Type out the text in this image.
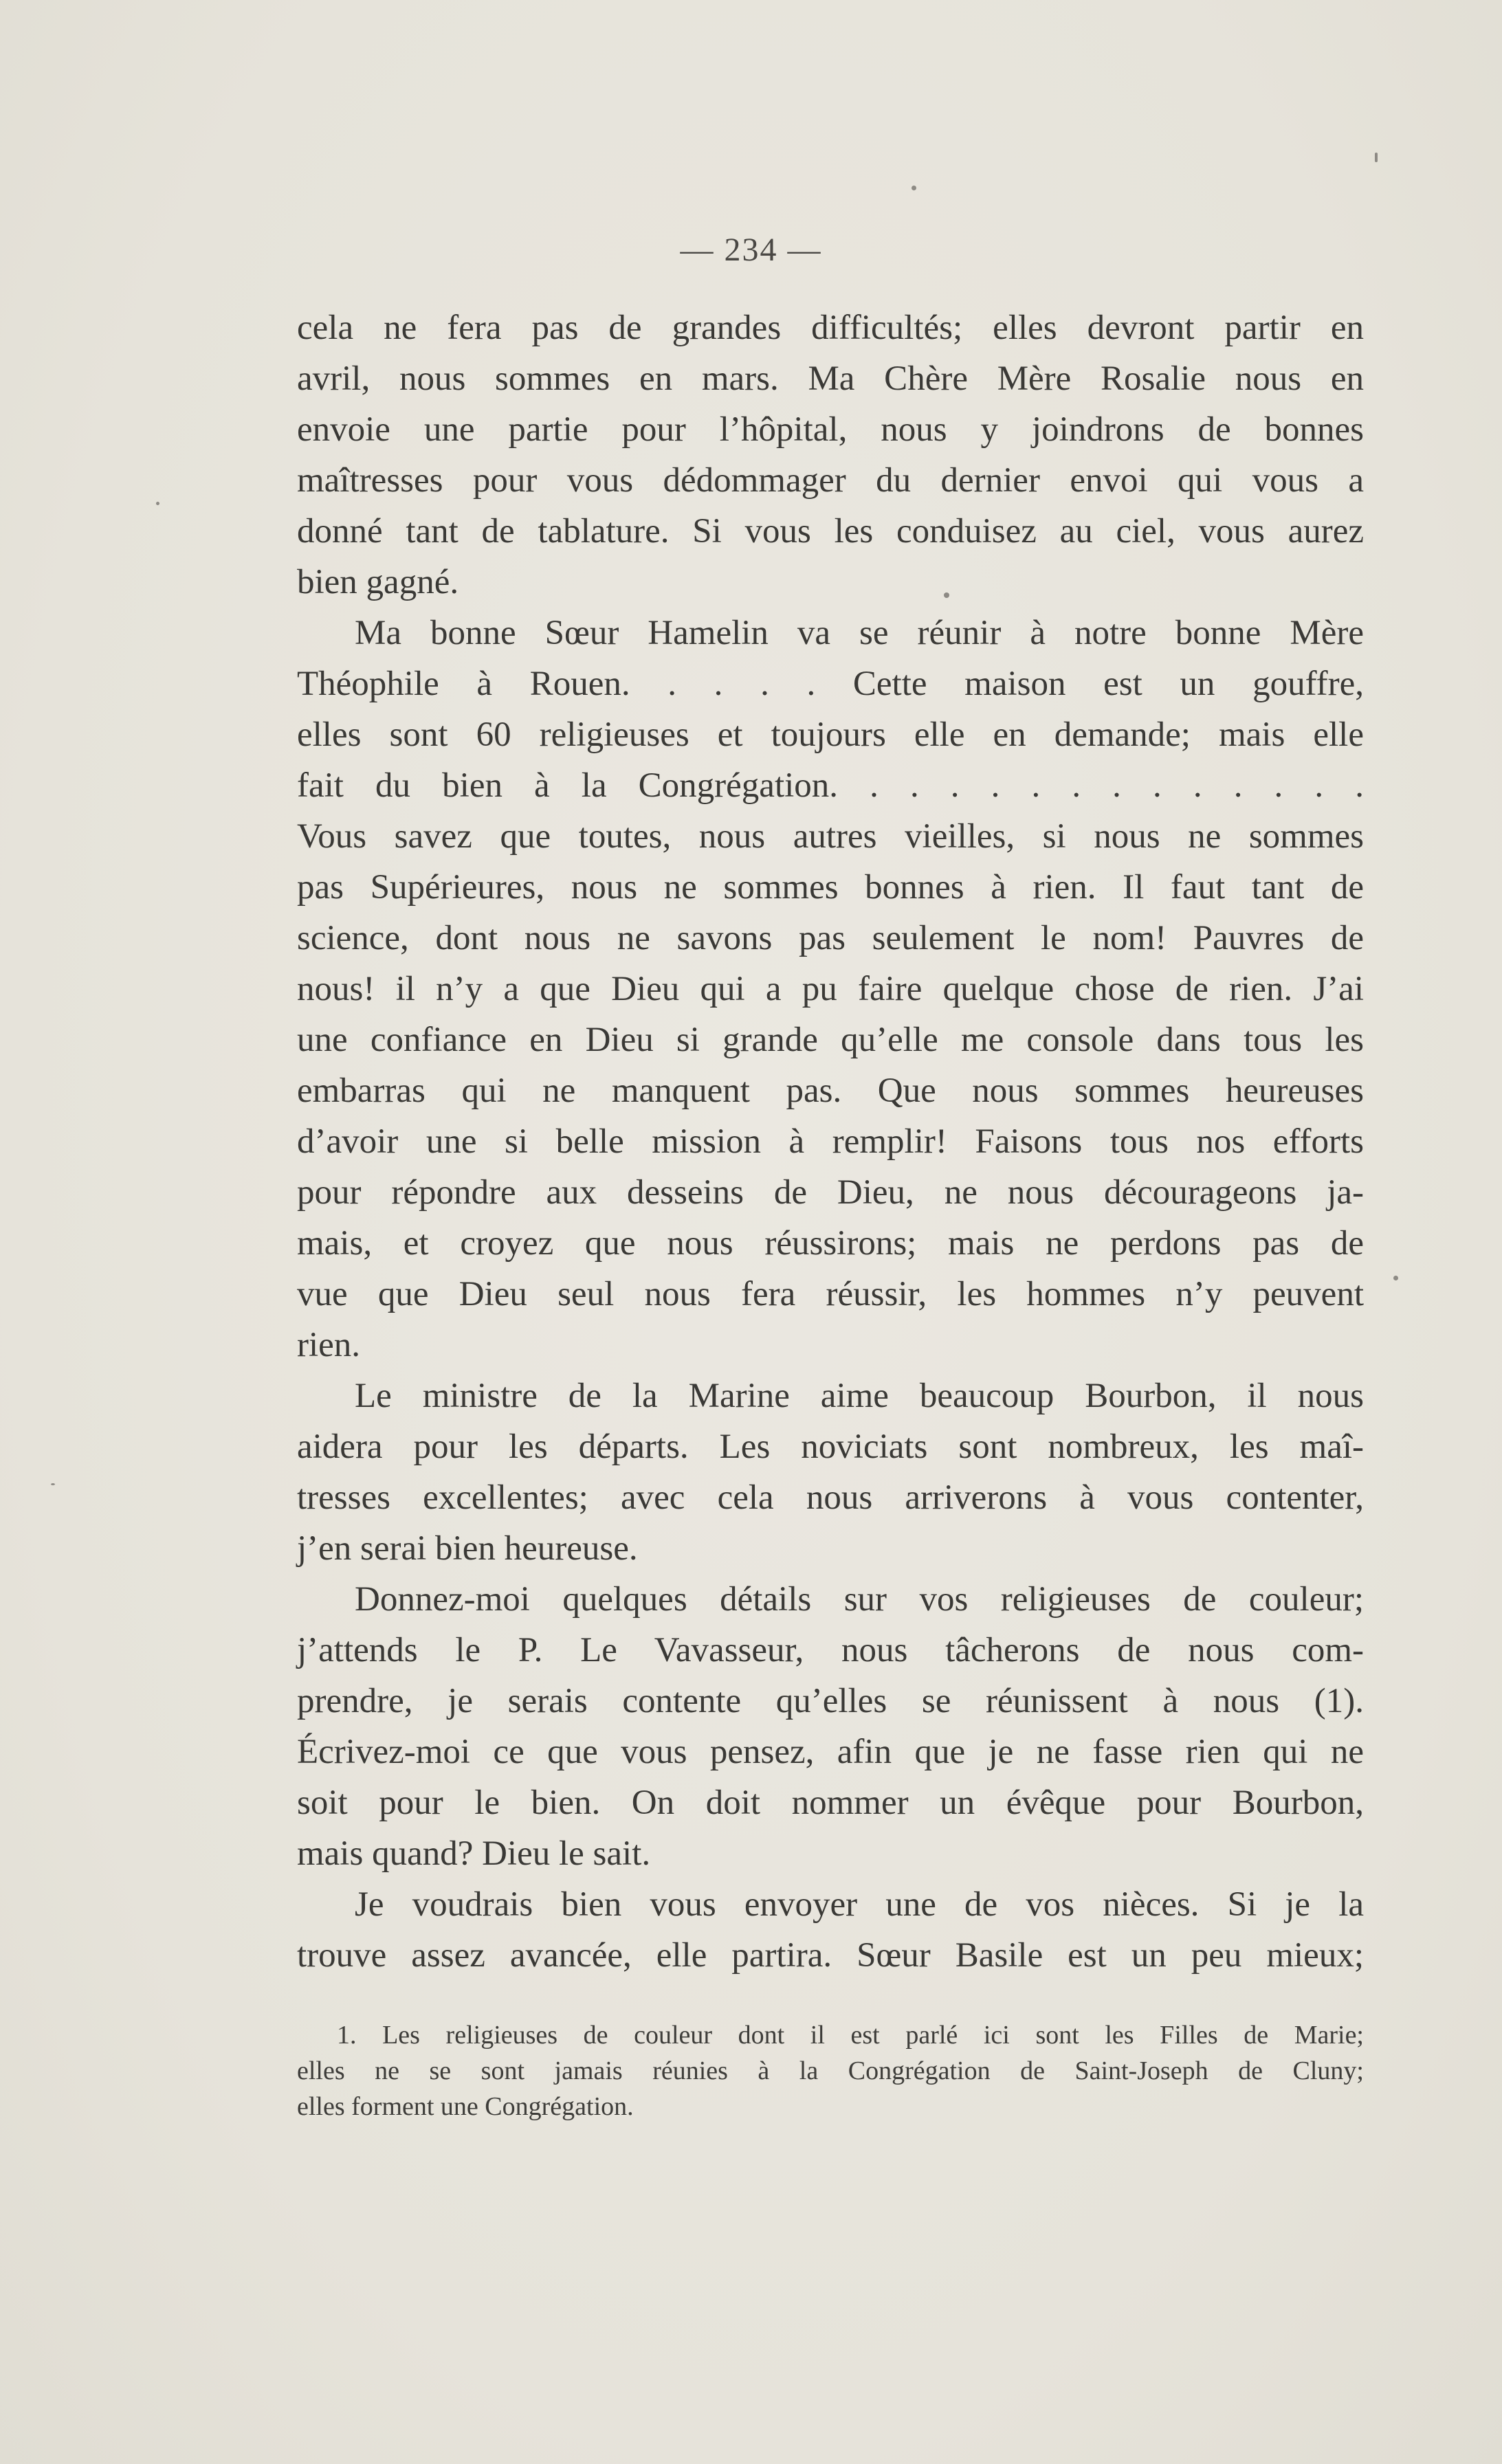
— 234 —

cela ne fera pas de grandes difficultés; elles devront partir en

avril, nous sommes en mars. Ma Chère Mère Rosalie nous en

envoie une partie pour l’hôpital, nous y joindrons de bonnes

maîtresses pour vous dédommager du dernier envoi qui vous a

donné tant de tablature. Si vous les conduisez au ciel, vous aurez

bien gagné.

Ma bonne Sœur Hamelin va se réunir à notre bonne Mère

Théophile à Rouen. . . . . Cette maison est un gouffre,

elles sont 60 religieuses et toujours elle en demande; mais elle

fait du bien à la Congrégation. . . . . . . . . . . . . .

Vous savez que toutes, nous autres vieilles, si nous ne sommes

pas Supérieures, nous ne sommes bonnes à rien. Il faut tant de

science, dont nous ne savons pas seulement le nom! Pauvres de

nous! il n’y a que Dieu qui a pu faire quelque chose de rien. J’ai

une confiance en Dieu si grande qu’elle me console dans tous les

embarras qui ne manquent pas. Que nous sommes heureuses

d’avoir une si belle mission à remplir! Faisons tous nos efforts

pour répondre aux desseins de Dieu, ne nous décourageons ja-

mais, et croyez que nous réussirons; mais ne perdons pas de

vue que Dieu seul nous fera réussir, les hommes n’y peuvent

rien.

Le ministre de la Marine aime beaucoup Bourbon, il nous

aidera pour les départs. Les noviciats sont nombreux, les maî-

tresses excellentes; avec cela nous arriverons à vous contenter,

j’en serai bien heureuse.

Donnez-moi quelques détails sur vos religieuses de couleur;

j’attends le P. Le Vavasseur, nous tâcherons de nous com-

prendre, je serais contente qu’elles se réunissent à nous (1).

Écrivez-moi ce que vous pensez, afin que je ne fasse rien qui ne

soit pour le bien. On doit nommer un évêque pour Bourbon,

mais quand? Dieu le sait.

Je voudrais bien vous envoyer une de vos nièces. Si je la

trouve assez avancée, elle partira. Sœur Basile est un peu mieux;

1. Les religieuses de couleur dont il est parlé ici sont les Filles de Marie;

elles ne se sont jamais réunies à la Congrégation de Saint-Joseph de Cluny;

elles forment une Congrégation.
